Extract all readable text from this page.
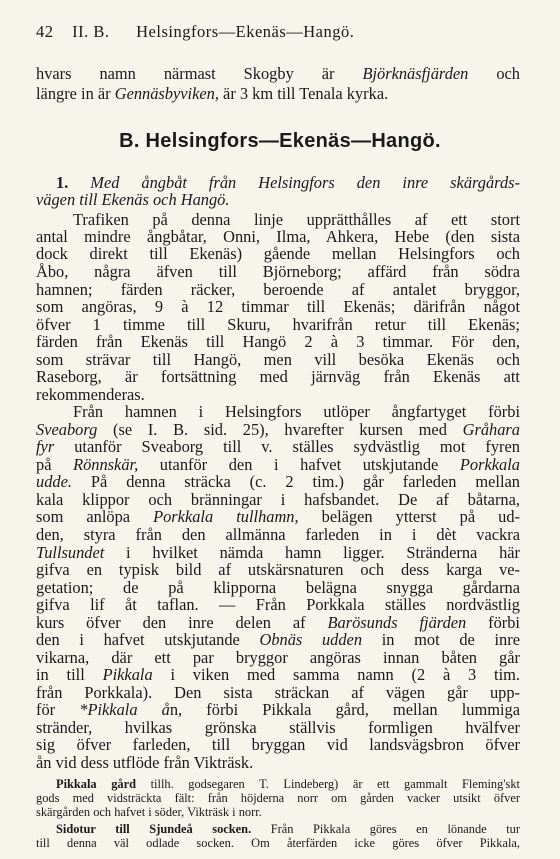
42 II. B. Helsingfors—Ekenäs—Hangö.
hvars namn närmast Skogby är Björknäsfjärden och
längre in är Gennäsbyviken, är 3 km till Tenala kyrka.
B. Helsingfors—Ekenäs—Hangö.
1. Med ångbåt från Helsingfors den inre skärgårds-
vägen till Ekenäs och Hangö.
Trafiken på denna linje upprätthålles af ett stort
antal mindre ångbåtar, Onni, Ilma, Ahkera, Hebe (den sista
dock direkt till Ekenäs) gående mellan Helsingfors och
Åbo, några äfven till Björneborg; affärd från södra
hamnen; färden räcker, beroende af antalet bryggor,
som angöras, 9 à 12 timmar till Ekenäs; därifrån något
öfver 1 timme till Skuru, hvarifrån retur till Ekenäs;
färden från Ekenäs till Hangö 2 à 3 timmar. För den,
som strävar till Hangö, men vill besöka Ekenäs och
Raseborg, är fortsättning med järnväg från Ekenäs att
rekommenderas.
Från hamnen i Helsingfors utlöper ångfartyget förbi
Sveaborg (se I. B. sid. 25), hvarefter kursen med Gråhara
fyr utanför Sveaborg till v. ställes sydvästlig mot fyren
på Rönnskär, utanför den i hafvet utskjutande Porkkala
udde. På denna sträcka (c. 2 tim.) går farleden mellan
kala klippor och bränningar i hafsbandet. De af båtarna,
som anlöpa Porkkala tullhamn, belägen ytterst på ud-
den, styra från den allmänna farleden in i dèt vackra
Tullsundet i hvilket nämda hamn ligger. Stränderna här
gifva en typisk bild af utskärsnaturen och dess karga ve-
getation; de på klipporna belägna snygga gårdarna
gifva lif åt taflan. — Från Porkkala ställes nordvästlig
kurs öfver den inre delen af Barösunds fjärden förbi
den i hafvet utskjutande Obnäs udden in mot de inre
vikarna, där ett par bryggor angöras innan båten går
in till Pikkala i viken med samma namn (2 à 3 tim.
från Porkkala). Den sista sträckan af vägen går upp-
för *Pikkala ån, förbi Pikkala gård, mellan lummiga
stränder, hvilkas grönska ställvis formligen hvälfver
sig öfver farleden, till bryggan vid landsvägsbron öfver
ån vid dess utflöde från Vikträsk.
Pikkala gård tillh. godsegaren T. Lindeberg) är ett gammalt Fleming'skt
gods med vidsträckta fält: från höjderna norr om gården vacker utsikt öfver
skärgården och hafvet i söder, Vikträsk i norr.
Sidotur till Sjundeå socken. Från Pikkala göres en lönande tur
till denna väl odlade socken. Om återfärden icke göres öfver Pikkala,
